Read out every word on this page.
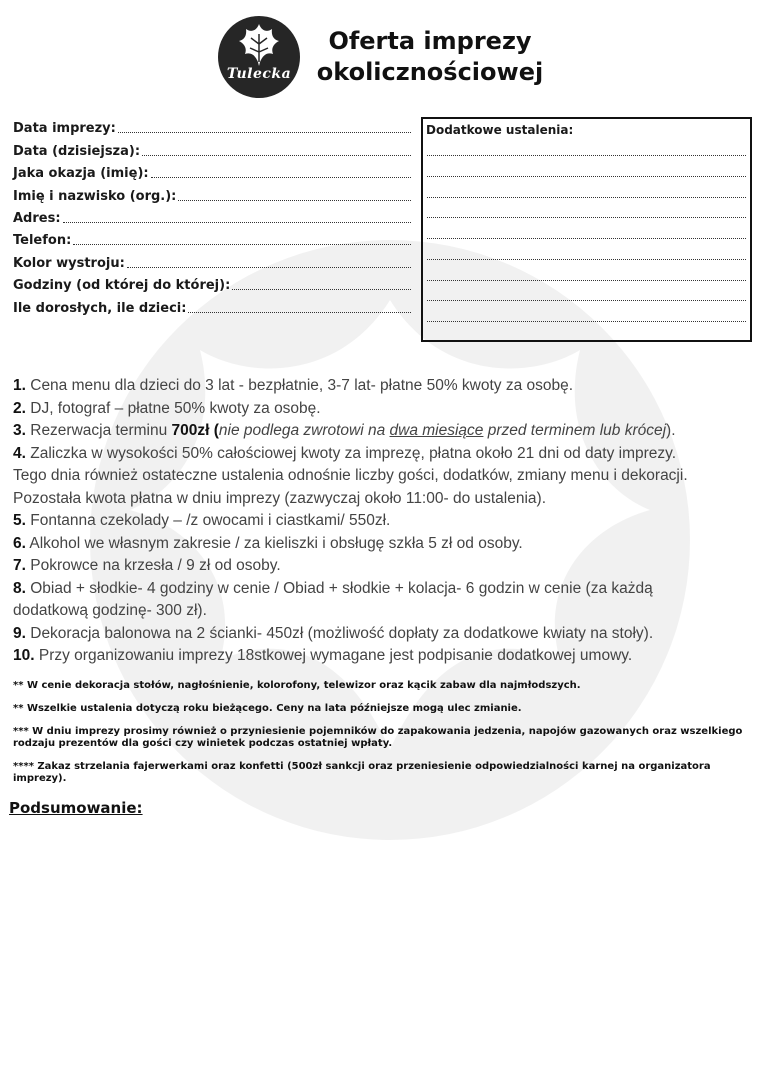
Tulecka
Oferta imprezy
okolicznościowej
Data imprezy:
Data (dzisiejsza):
Jaka okazja (imię):
Imię i nazwisko (org.):
Adres:
Telefon:
Kolor wystroju:
Godziny (od której do której):
Ile dorosłych, ile dzieci:
Dodatkowe ustalenia:
1. Cena menu dla dzieci do 3 lat - bezpłatnie, 3-7 lat- płatne 50% kwoty za osobę.
2. DJ, fotograf – płatne 50% kwoty za osobę.
3. Rezerwacja terminu 700zł (nie podlega zwrotowi na dwa miesiące przed terminem lub krócej).
4. Zaliczka w wysokości 50% całościowej kwoty za imprezę, płatna około 21 dni od daty imprezy.
Tego dnia również ostateczne ustalenia odnośnie liczby gości, dodatków, zmiany menu i dekoracji.
Pozostała kwota płatna w dniu imprezy (zazwyczaj około 11:00- do ustalenia).
5. Fontanna czekolady – /z owocami i ciastkami/ 550zł.
6. Alkohol we własnym zakresie / za kieliszki i obsługę szkła 5 zł od osoby.
7. Pokrowce na krzesła / 9 zł od osoby.
8. Obiad + słodkie- 4 godziny w cenie / Obiad + słodkie + kolacja- 6 godzin w cenie (za każdą
dodatkową godzinę- 300 zł).
9. Dekoracja balonowa na 2 ścianki- 450zł (możliwość dopłaty za dodatkowe kwiaty na stoły).
10. Przy organizowaniu imprezy 18stkowej wymagane jest podpisanie dodatkowej umowy.
** W cenie dekoracja stołów, nagłośnienie, kolorofony, telewizor oraz kącik zabaw dla najmłodszych.
** Wszelkie ustalenia dotyczą roku bieżącego. Ceny na lata późniejsze mogą ulec zmianie.
*** W dniu imprezy prosimy również o przyniesienie pojemników do zapakowania jedzenia, napojów gazowanych oraz wszelkiego rodzaju prezentów dla gości czy winietek podczas ostatniej wpłaty.
**** Zakaz strzelania fajerwerkami oraz konfetti (500zł sankcji oraz przeniesienie odpowiedzialności karnej na organizatora imprezy).
Podsumowanie:
